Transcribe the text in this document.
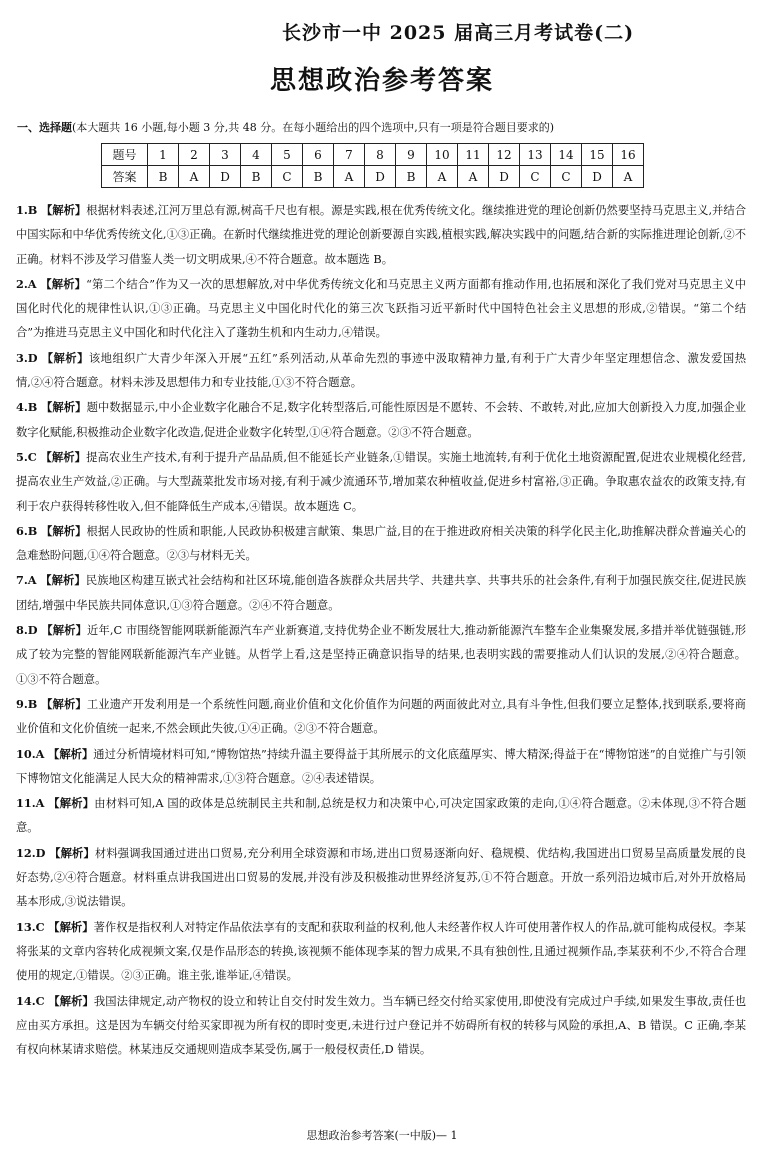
长沙市一中 2025 届高三月考试卷(二)
思想政治参考答案
一、选择题(本大题共 16 小题,每小题 3 分,共 48 分。在每小题给出的四个选项中,只有一项是符合题目要求的)
题号	1	2	3	4	5	6	7	8	9	10	11	12	13	14	15	16
答案	B	A	D	B	C	B	A	D	B	A	A	D	C	C	D	A
1.B 【解析】根据材料表述,江河万里总有源,树高千尺也有根。源是实践,根在优秀传统文化。继续推进党的理论创新仍然要坚持马克思主义,并结合中国实际和中华优秀传统文化,①③正确。在新时代继续推进党的理论创新要源自实践,植根实践,解决实践中的问题,结合新的实际推进理论创新,②不正确。材料不涉及学习借鉴人类一切文明成果,④不符合题意。故本题选 B。
2.A 【解析】“第二个结合”作为又一次的思想解放,对中华优秀传统文化和马克思主义两方面都有推动作用,也拓展和深化了我们党对马克思主义中国化时代化的规律性认识,①③正确。马克思主义中国化时代化的第三次飞跃指习近平新时代中国特色社会主义思想的形成,②错误。“第二个结合”为推进马克思主义中国化和时代化注入了蓬勃生机和内生动力,④错误。
3.D 【解析】该地组织广大青少年深入开展“五红”系列活动,从革命先烈的事迹中汲取精神力量,有利于广大青少年坚定理想信念、激发爱国热情,②④符合题意。材料未涉及思想伟力和专业技能,①③不符合题意。
4.B 【解析】题中数据显示,中小企业数字化融合不足,数字化转型落后,可能性原因是不愿转、不会转、不敢转,对此,应加大创新投入力度,加强企业数字化赋能,积极推动企业数字化改造,促进企业数字化转型,①④符合题意。②③不符合题意。
5.C 【解析】提高农业生产技术,有利于提升产品品质,但不能延长产业链条,①错误。实施土地流转,有利于优化土地资源配置,促进农业规模化经营,提高农业生产效益,②正确。与大型蔬菜批发市场对接,有利于减少流通环节,增加菜农种植收益,促进乡村富裕,③正确。争取惠农益农的政策支持,有利于农户获得转移性收入,但不能降低生产成本,④错误。故本题选 C。
6.B 【解析】根据人民政协的性质和职能,人民政协积极建言献策、集思广益,目的在于推进政府相关决策的科学化民主化,助推解决群众普遍关心的急难愁盼问题,①④符合题意。②③与材料无关。
7.A 【解析】民族地区构建互嵌式社会结构和社区环境,能创造各族群众共居共学、共建共享、共事共乐的社会条件,有利于加强民族交往,促进民族团结,增强中华民族共同体意识,①③符合题意。②④不符合题意。
8.D 【解析】近年,C 市围绕智能网联新能源汽车产业新赛道,支持优势企业不断发展壮大,推动新能源汽车整车企业集聚发展,多措并举优链强链,形成了较为完整的智能网联新能源汽车产业链。从哲学上看,这是坚持正确意识指导的结果,也表明实践的需要推动人们认识的发展,②④符合题意。①③不符合题意。
9.B 【解析】工业遗产开发利用是一个系统性问题,商业价值和文化价值作为问题的两面彼此对立,具有斗争性,但我们要立足整体,找到联系,要将商业价值和文化价值统一起来,不然会顾此失彼,①④正确。②③不符合题意。
10.A 【解析】通过分析情境材料可知,“博物馆热”持续升温主要得益于其所展示的文化底蕴厚实、博大精深;得益于在“博物馆迷”的自觉推广与引领下博物馆文化能满足人民大众的精神需求,①③符合题意。②④表述错误。
11.A 【解析】由材料可知,A 国的政体是总统制民主共和制,总统是权力和决策中心,可决定国家政策的走向,①④符合题意。②未体现,③不符合题意。
12.D 【解析】材料强调我国通过进出口贸易,充分利用全球资源和市场,进出口贸易逐渐向好、稳规模、优结构,我国进出口贸易呈高质量发展的良好态势,②④符合题意。材料重点讲我国进出口贸易的发展,并没有涉及积极推动世界经济复苏,①不符合题意。开放一系列沿边城市后,对外开放格局基本形成,③说法错误。
13.C 【解析】著作权是指权利人对特定作品依法享有的支配和获取利益的权利,他人未经著作权人许可使用著作权人的作品,就可能构成侵权。李某将张某的文章内容转化成视频文案,仅是作品形态的转换,该视频不能体现李某的智力成果,不具有独创性,且通过视频作品,李某获利不少,不符合合理使用的规定,①错误。②③正确。谁主张,谁举证,④错误。
14.C 【解析】我国法律规定,动产物权的设立和转让自交付时发生效力。当车辆已经交付给买家使用,即使没有完成过户手续,如果发生事故,责任也应由买方承担。这是因为车辆交付给买家即视为所有权的即时变更,未进行过户登记并不妨碍所有权的转移与风险的承担,A、B 错误。C 正确,李某有权向林某请求赔偿。林某违反交通规则造成李某受伤,属于一般侵权责任,D 错误。
思想政治参考答案(一中版)— 1
